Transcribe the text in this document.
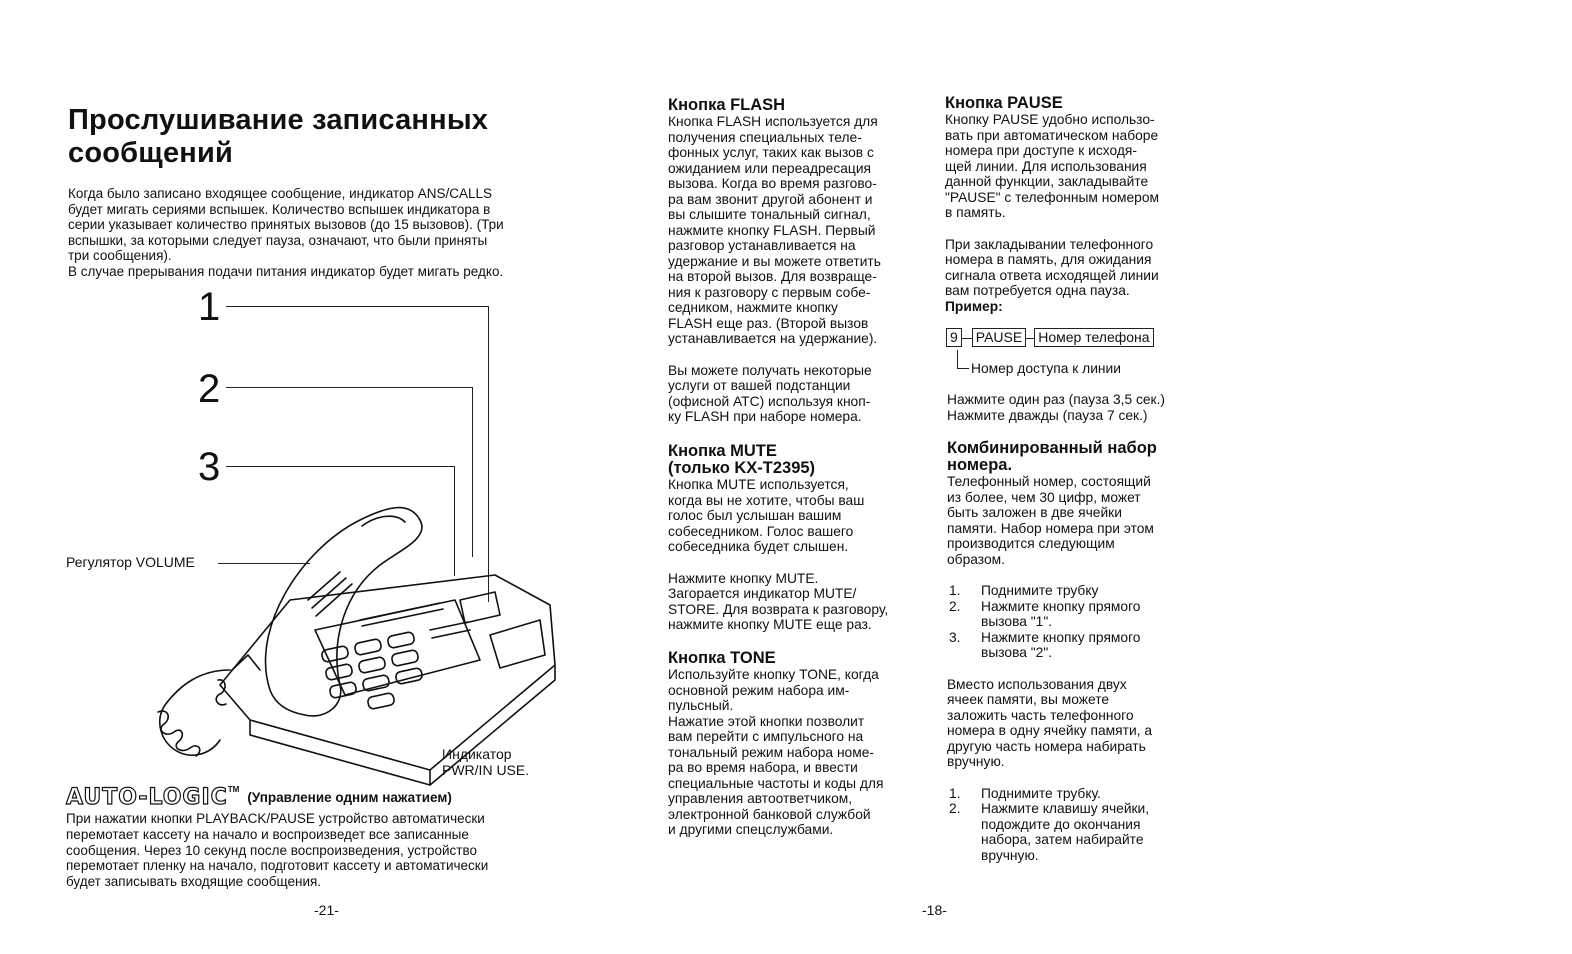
Прослушивание записанных сообщений

Когда было записано входящее сообщение, индикатор ANS/CALLS

будет мигать сериями вспышек. Количество вспышек индикатора в

серии указывает количество принятых вызовов (до 15 вызовов). (Три

вспышки, за которыми следует пауза, означают, что были приняты

три сообщения).

В случае прерывания подачи питания индикатор будет мигать редко.

1
2
3
Регулятор VOLUME
Индикатор
PWR/IN USE.
AUTO-LOGIC™(Управление одним нажатием)
При нажатии кнопки PLAYBACK/PAUSE устройство автоматически
перемотает кассету на начало и воспроизведет все записанные
сообщения. Через 10 секунд после воспроизведения, устройство
перемотает пленку на начало, подготовит кассету и автоматически
будет записывать входящие сообщения.
-21-
Кнопка FLASH

Кнопка FLASH используется для

получения специальных теле-

фонных услуг, таких как вызов с

ожиданием или переадресация

вызова. Когда во время разгово-

ра вам звонит другой абонент и

вы слышите тональный сигнал,

нажмите кнопку FLASH. Первый

разговор устанавливается на

удержание и вы можете ответить

на второй вызов. Для возвраще-

ния к разговору с первым собе-

седником, нажмите кнопку

FLASH еще раз. (Второй вызов

устанавливается на удержание).

Вы можете получать некоторые

услуги от вашей подстанции

(офисной АТС) используя кноп-

ку FLASH при наборе номера.

Кнопка MUTE
(только KX-T2395)

Кнопка MUTE используется,

когда вы не хотите, чтобы ваш

голос был услышан вашим

собеседником. Голос вашего

собеседника будет слышен.

Нажмите кнопку MUTE.

Загорается индикатор MUTE/

STORE. Для возврата к разговору,

нажмите кнопку MUTE еще раз.

Кнопка TONE

Используйте кнопку TONE, когда

основной режим набора им-

пульсный.

Нажатие этой кнопки позволит

вам перейти с импульсного на

тональный режим набора номе-

ра во время набора, и ввести

специальные частоты и коды для

управления автоответчиком,

электронной банковой службой

и другими спецслужбами.

-18-
Кнопка PAUSE

Кнопку PAUSE удобно использо-

вать при автоматическом наборе

номера при доступе к исходя-

щей линии. Для использования

данной функции, закладывайте

"PAUSE" с телефонным номером

в память.

При закладывании телефонного

номера в память, для ожидания

сигнала ответа исходящей линии

вам потребуется одна пауза.

Пример:

9 PAUSE Номер телефона
Номер доступа к линии

Нажмите один раз (пауза 3,5 сек.)

Нажмите дважды (пауза 7 сек.)

Комбинированный набор
номера.

Телефонный номер, состоящий

из более, чем 30 цифр, может

быть заложен в две ячейки

памяти. Набор номера при этом

производится следующим

образом.

1. Поднимите трубку
2. Нажмите кнопку прямого
вызова "1".
3. Нажмите кнопку прямого
вызова "2".

Вместо использования двух

ячеек памяти, вы можете

заложить часть телефонного

номера в одну ячейку памяти, а

другую часть номера набирать

вручную.

1. Поднимите трубку.
2. Нажмите клавишу ячейки,
подождите до окончания
набора, затем набирайте
вручную.
